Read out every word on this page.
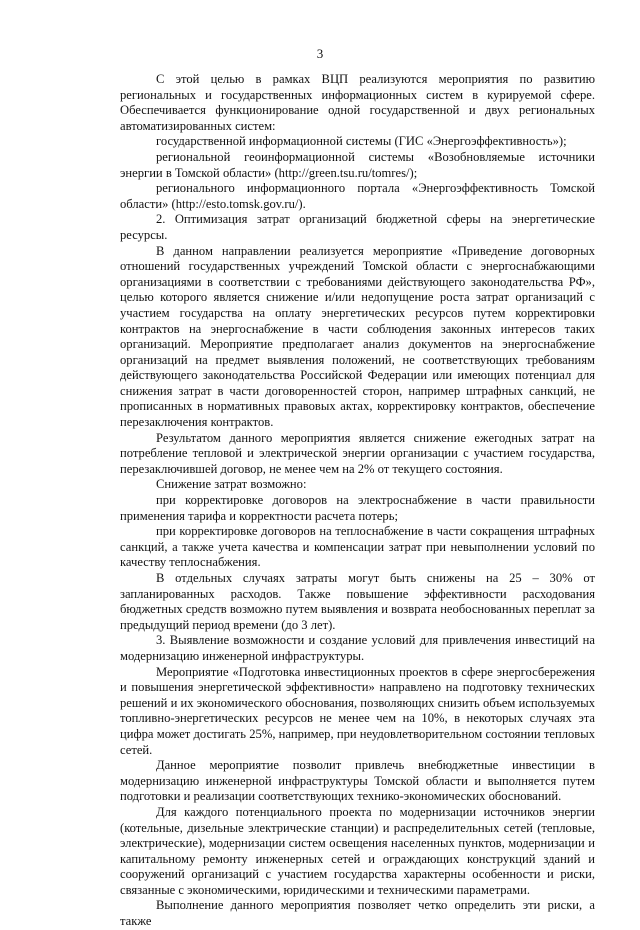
3

С этой целью в рамках ВЦП реализуются мероприятия по развитию региональных и государственных информационных систем в курируемой сфере. Обеспечивается функционирование одной государственной и двух региональных автоматизированных систем:

государственной информационной системы (ГИС «Энергоэффективность»);

региональной геоинформационной системы «Возобновляемые источники энергии в Томской области» (http://green.tsu.ru/tomres/);

регионального информационного портала «Энергоэффективность Томской области» (http://esto.tomsk.gov.ru/).

2. Оптимизация затрат организаций бюджетной сферы на энергетические ресурсы.

В данном направлении реализуется мероприятие «Приведение договорных отношений государственных учреждений Томской области с энергоснабжающими организациями в соответствии с требованиями действующего законодательства РФ», целью которого является снижение и/или недопущение роста затрат организаций с участием государства на оплату энергетических ресурсов путем корректировки контрактов на энергоснабжение в части соблюдения законных интересов таких организаций. Мероприятие предполагает анализ документов на энергоснабжение организаций на предмет выявления положений, не соответствующих требованиям действующего законодательства Российской Федерации или имеющих потенциал для снижения затрат в части договоренностей сторон, например штрафных санкций, не прописанных в нормативных правовых актах, корректировку контрактов, обеспечение перезаключения контрактов.

Результатом данного мероприятия является снижение ежегодных затрат на потребление тепловой и электрической энергии организации с участием государства, перезаключившей договор, не менее чем на 2% от текущего состояния.

Снижение затрат возможно:

при корректировке договоров на электроснабжение в части правильности применения тарифа и корректности расчета потерь;

при корректировке договоров на теплоснабжение в части сокращения штрафных санкций, а также учета качества и компенсации затрат при невыполнении условий по качеству теплоснабжения.

В отдельных случаях затраты могут быть снижены на 25 – 30% от запланированных расходов. Также повышение эффективности расходования бюджетных средств возможно путем выявления и возврата необоснованных переплат за предыдущий период времени (до 3 лет).

3. Выявление возможности и создание условий для привлечения инвестиций на модернизацию инженерной инфраструктуры.

Мероприятие «Подготовка инвестиционных проектов в сфере энергосбережения и повышения энергетической эффективности» направлено на подготовку технических решений и их экономического обоснования, позволяющих снизить объем используемых топливно-энергетических ресурсов не менее чем на 10%, в некоторых случаях эта цифра может достигать 25%, например, при неудовлетворительном состоянии тепловых сетей.

Данное мероприятие позволит привлечь внебюджетные инвестиции в модернизацию инженерной инфраструктуры Томской области и выполняется путем подготовки и реализации соответствующих технико-экономических обоснований.

Для каждого потенциального проекта по модернизации источников энергии (котельные, дизельные электрические станции) и распределительных сетей (тепловые, электрические), модернизации систем освещения населенных пунктов, модернизации и капитальному ремонту инженерных сетей и ограждающих конструкций зданий и сооружений организаций с участием государства характерны особенности и риски, связанные с экономическими, юридическими и техническими параметрами.

Выполнение данного мероприятия позволяет четко определить эти риски, а также
